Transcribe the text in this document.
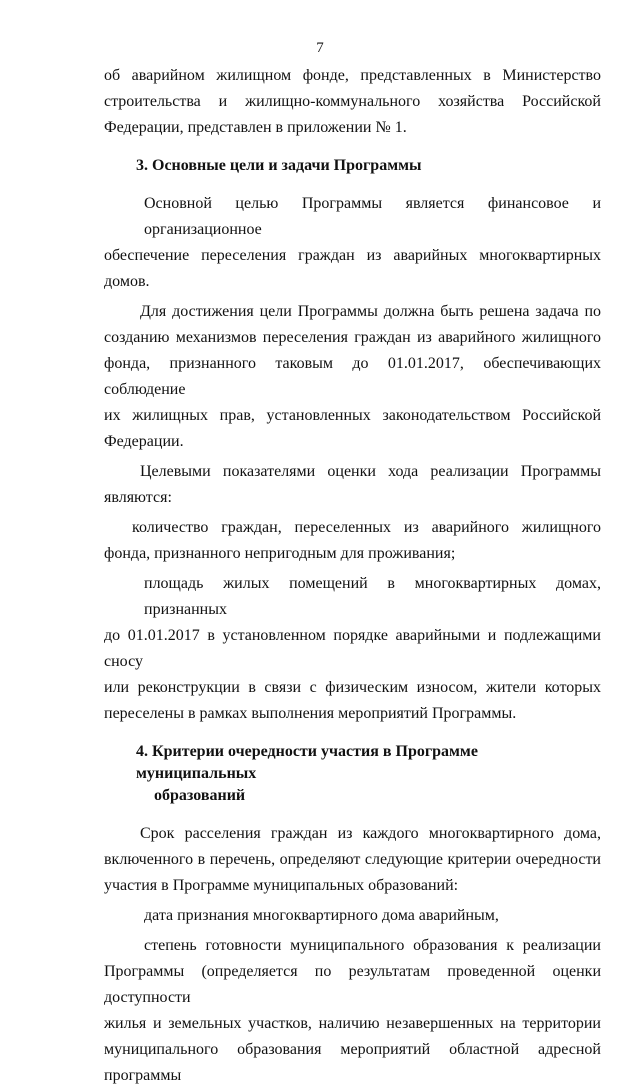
7
об аварийном жилищном фонде, представленных в Министерство
строительства и жилищно-коммунального хозяйства Российской
Федерации, представлен в приложении № 1.
3. Основные цели и задачи Программы
Основной целью Программы является финансовое и организационное
обеспечение переселения граждан из аварийных многоквартирных домов.
Для достижения цели Программы должна быть решена задача по
созданию механизмов переселения граждан из аварийного жилищного
фонда, признанного таковым до 01.01.2017, обеспечивающих соблюдение
их жилищных прав, установленных законодательством Российской
Федерации.
Целевыми показателями оценки хода реализации Программы
являются:
количество граждан, переселенных из аварийного жилищного
фонда, признанного непригодным для проживания;
площадь жилых помещений в многоквартирных домах, признанных
до 01.01.2017 в установленном порядке аварийными и подлежащими сносу
или реконструкции в связи с физическим износом, жители которых
переселены в рамках выполнения мероприятий Программы.
4. Критерии очередности участия в Программе муниципальных
образований
Срок расселения граждан из каждого многоквартирного дома,
включенного в перечень, определяют следующие критерии очередности
участия в Программе муниципальных образований:
дата признания многоквартирного дома аварийным,
степень готовности муниципального образования к реализации
Программы (определяется по результатам проведенной оценки доступности
жилья и земельных участков, наличию незавершенных на территории
муниципального образования мероприятий областной адресной программы
